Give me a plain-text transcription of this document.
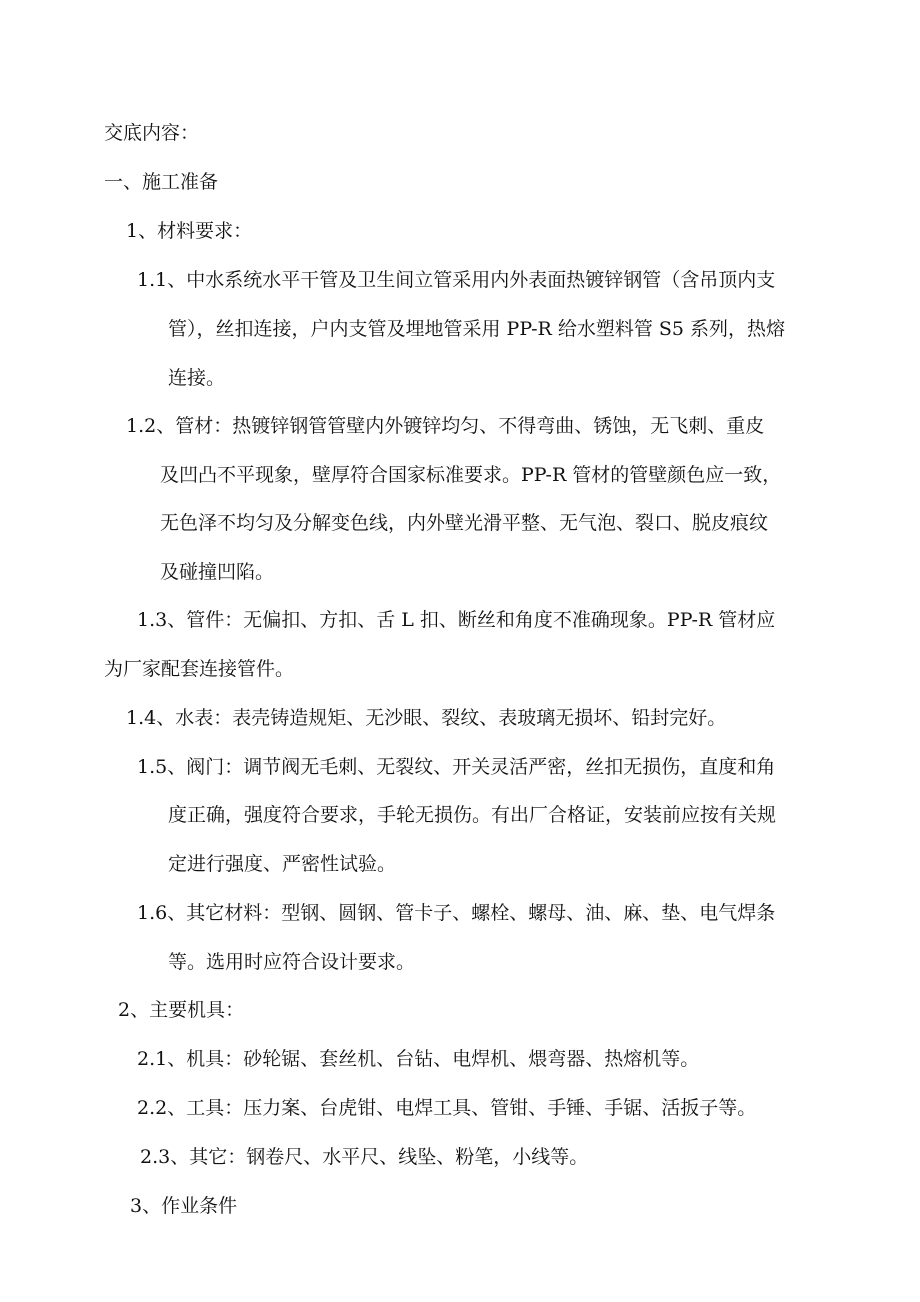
交底内容：
一、施工准备
1、材料要求：
1.1、中水系统水平干管及卫生间立管采用内外表面热镀锌钢管（含吊顶内支
管），丝扣连接，户内支管及埋地管采用 PP-R 给水塑料管 S5 系列，热熔
连接。
1.2、管材：热镀锌钢管管壁内外镀锌均匀、不得弯曲、锈蚀，无飞刺、重皮
及凹凸不平现象，壁厚符合国家标准要求。PP-R 管材的管壁颜色应一致，
无色泽不均匀及分解变色线，内外壁光滑平整、无气泡、裂口、脱皮痕纹
及碰撞凹陷。
1.3、管件：无偏扣、方扣、舌 L 扣、断丝和角度不准确现象。PP-R 管材应
为厂家配套连接管件。
1.4、水表：表壳铸造规矩、无沙眼、裂纹、表玻璃无损坏、铅封完好。
1.5、阀门：调节阀无毛刺、无裂纹、开关灵活严密，丝扣无损伤，直度和角
度正确，强度符合要求，手轮无损伤。有出厂合格证，安装前应按有关规
定进行强度、严密性试验。
1.6、其它材料：型钢、圆钢、管卡子、螺栓、螺母、油、麻、垫、电气焊条
等。选用时应符合设计要求。
2、主要机具：
2.1、机具：砂轮锯、套丝机、台钻、电焊机、煨弯器、热熔机等。
2.2、工具：压力案、台虎钳、电焊工具、管钳、手锤、手锯、活扳子等。
2.3、其它：钢卷尺、水平尺、线坠、粉笔，小线等。
3、作业条件
